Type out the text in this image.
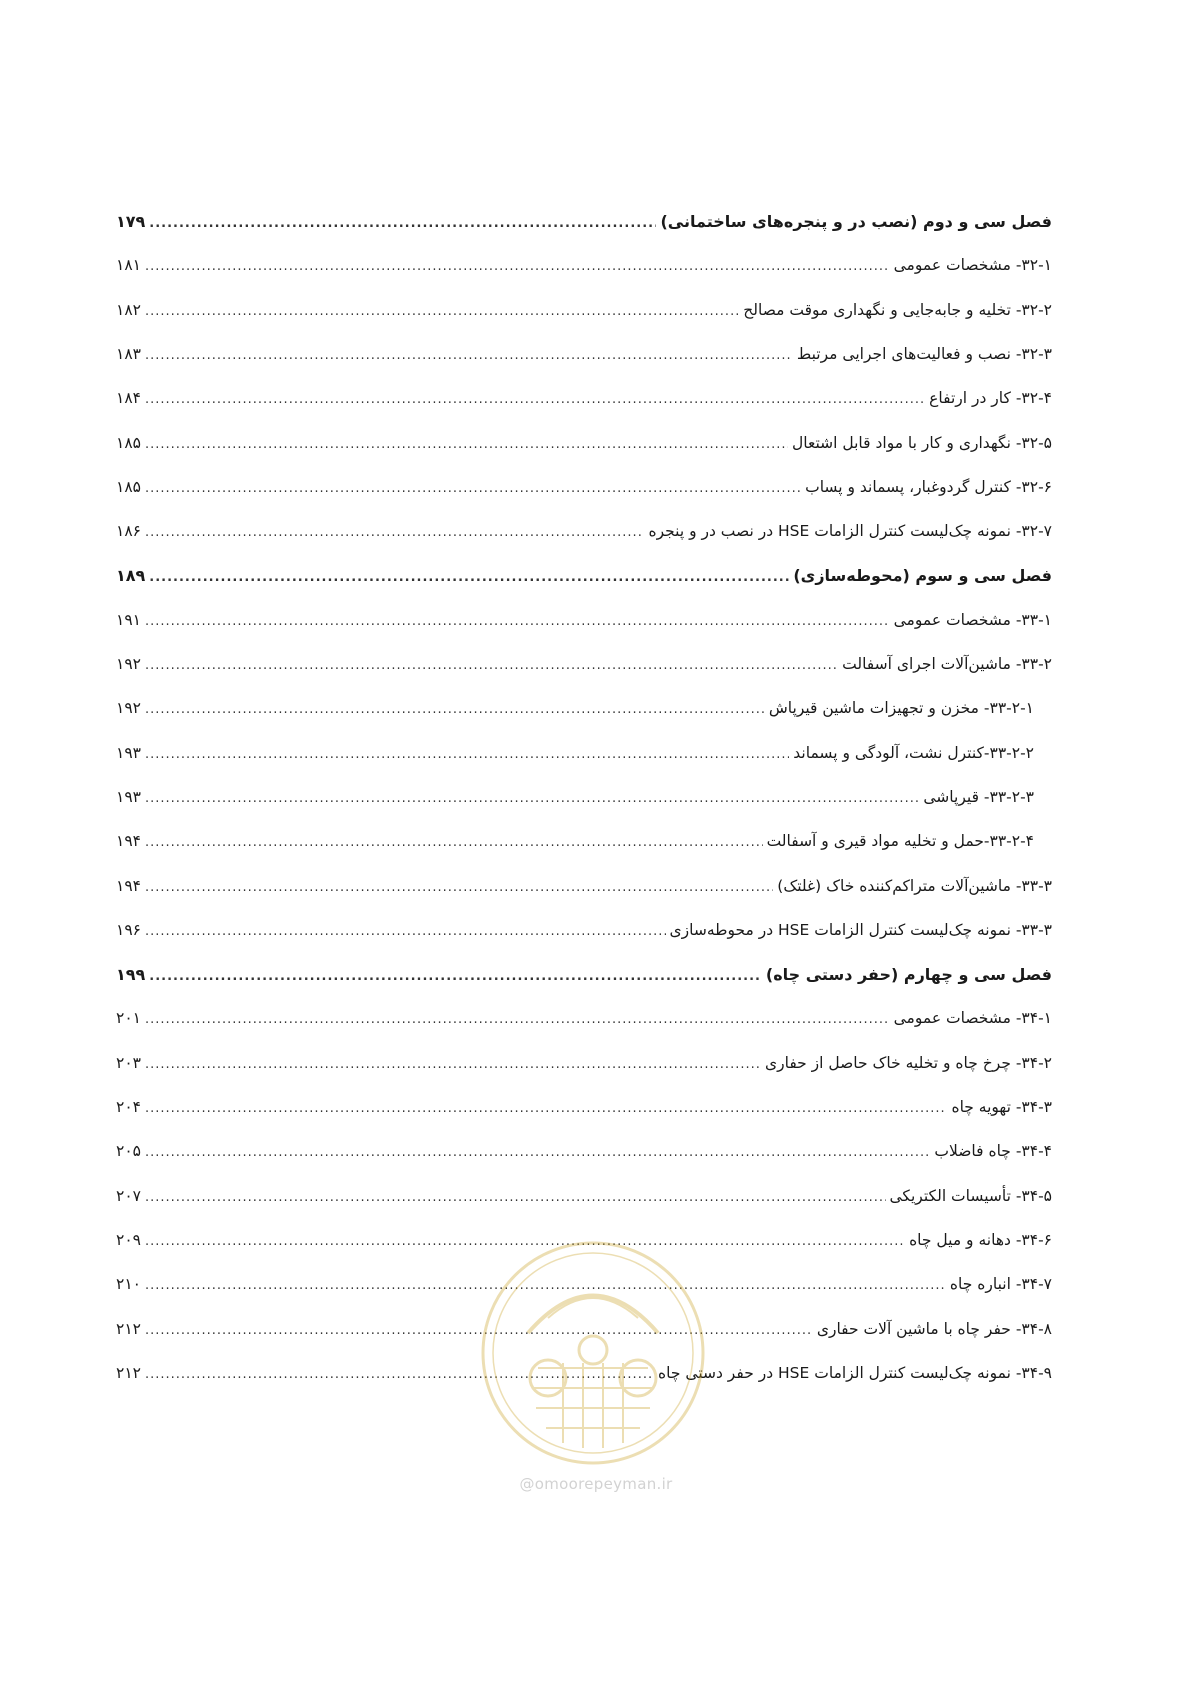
فصل سی و دوم (نصب در و پنجره‌های ساختمانی)
.....
۱۷۹
۳۲-۱- مشخصات عمومی
.....
۱۸۱
۳۲-۲- تخلیه و جابه‌جایی و نگهداری موقت مصالح
.....
۱۸۲
۳۲-۳- نصب و فعالیت‌های اجرایی مرتبط
.....
۱۸۳
۳۲-۴- کار در ارتفاع
.....
۱۸۴
۳۲-۵- نگهداری و کار با مواد قابل اشتعال
.....
۱۸۵
۳۲-۶- کنترل گردوغبار، پسماند و پساب
.....
۱۸۵
۳۲-۷- نمونه چک‌لیست کنترل الزامات HSE در نصب در و پنجره
.....
۱۸۶
فصل سی و سوم (محوطه‌سازی)
.....
۱۸۹
۳۳-۱- مشخصات عمومی
.....
۱۹۱
۳۳-۲- ماشین‌آلات اجرای آسفالت
.....
۱۹۲
۳۳-۲-۱- مخزن و تجهیزات ماشین قیرپاش
.....
۱۹۲
۳۳-۲-۲-کنترل نشت، آلودگی و پسماند
.....
۱۹۳
۳۳-۲-۳- قیرپاشی
.....
۱۹۳
۳۳-۲-۴-حمل و تخلیه مواد قیری و آسفالت
.....
۱۹۴
۳۳-۳- ماشین‌آلات متراکم‌کننده خاک (غلتک)
.....
۱۹۴
۳۳-۳- نمونه چک‌لیست کنترل الزامات HSE در محوطه‌سازی
.....
۱۹۶
فصل سی و چهارم (حفر دستی چاه)
.....
۱۹۹
۳۴-۱- مشخصات عمومی
.....
۲۰۱
۳۴-۲- چرخ چاه و تخلیه خاک حاصل از حفاری
.....
۲۰۳
۳۴-۳- تهویه چاه
.....
۲۰۴
۳۴-۴- چاه فاضلاب
.....
۲۰۵
۳۴-۵- تأسیسات الکتریکی
.....
۲۰۷
۳۴-۶- دهانه و میل چاه
.....
۲۰۹
۳۴-۷- انباره چاه
.....
۲۱۰
۳۴-۸- حفر چاه با ماشین آلات حفاری
.....
۲۱۲
۳۴-۹- نمونه چک‌لیست کنترل الزامات HSE در حفر دستی چاه
.....
۲۱۲
@omoorepeyman.ir
